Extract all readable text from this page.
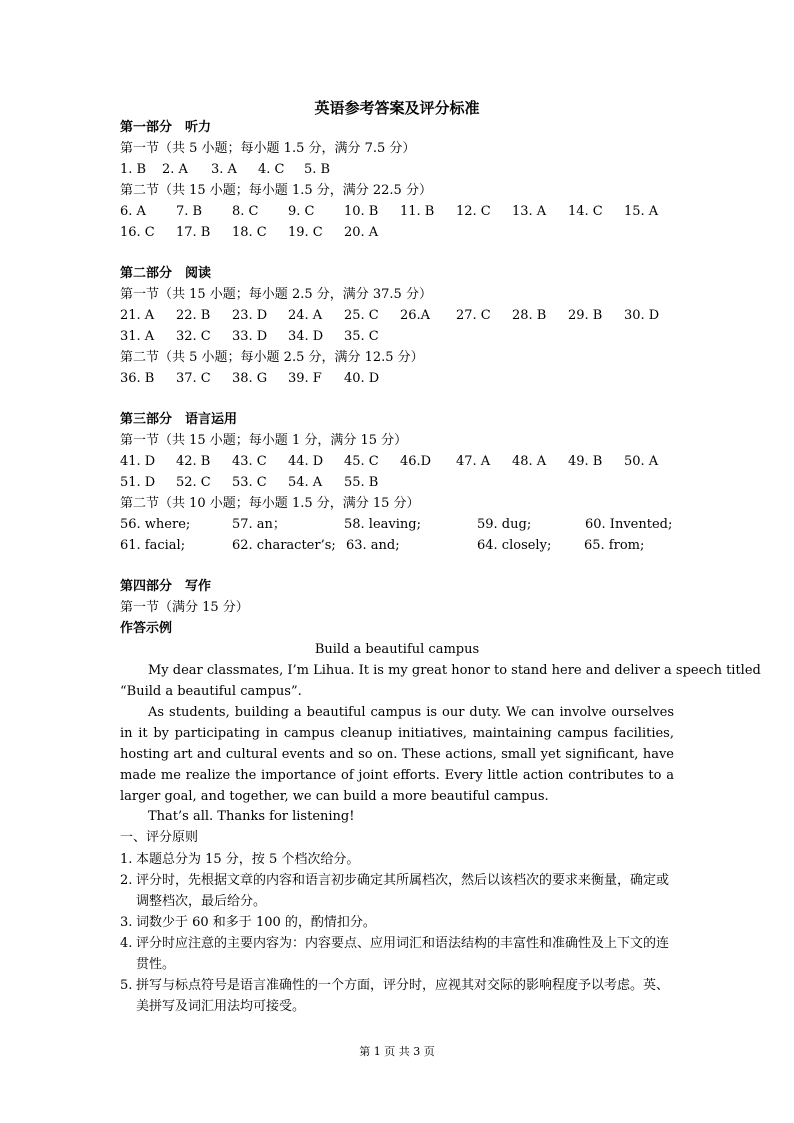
英语参考答案及评分标准
第一部分　听力
第一节（共 5 小题；每小题 1.5 分，满分 7.5 分）
1. B 2. A 3. A 4. C 5. B
第二节（共 15 小题；每小题 1.5 分，满分 22.5 分）
6. A 7. B 8. C 9. C 10. B 11. B 12. C 13. A 14. C 15. A
16. C 17. B 18. C 19. C 20. A
第二部分　阅读
第一节（共 15 小题；每小题 2.5 分，满分 37.5 分）
21. A 22. B 23. D 24. A 25. C 26.A 27. C 28. B 29. B 30. D
31. A 32. C 33. D 34. D 35. C
第二节（共 5 小题；每小题 2.5 分，满分 12.5 分）
36. B 37. C 38. G 39. F 40. D
第三部分　语言运用
第一节（共 15 小题；每小题 1 分，满分 15 分）
41. D 42. B 43. C 44. D 45. C 46.D 47. A 48. A 49. B 50. A
51. D 52. C 53. C 54. A 55. B
第二节（共 10 小题；每小题 1.5 分，满分 15 分）
56. where;	57. an；	58. leaving;	59. dug;	60. Invented;
61. facial;	62. character’s; 63. and;	64. closely;	65. from;
第四部分　写作
第一节（满分 15 分）
作答示例
Build a beautiful campus
My dear classmates, I’m Lihua. It is my great honor to stand here and deliver a speech titled
“Build a beautiful campus”.

As students, building a beautiful campus is our duty. We can involve ourselves in it by participating in campus cleanup initiatives, maintaining campus facilities, hosting art and cultural events and so on. These actions, small yet significant, have made me realize the importance of joint efforts. Every little action contributes to a larger goal, and together, we can build a more beautiful campus.

That’s all. Thanks for listening!
一、评分原则
1. 本题总分为 15 分，按 5 个档次给分。
2. 评分时，先根据文章的内容和语言初步确定其所属档次，然后以该档次的要求来衡量，确定或调整档次，最后给分。
3. 词数少于 60 和多于 100 的，酌情扣分。
4. 评分时应注意的主要内容为：内容要点、应用词汇和语法结构的丰富性和准确性及上下文的连贯性。
5. 拼写与标点符号是语言准确性的一个方面，评分时，应视其对交际的影响程度予以考虑。英、美拼写及词汇用法均可接受。
第 1 页 共 3 页
